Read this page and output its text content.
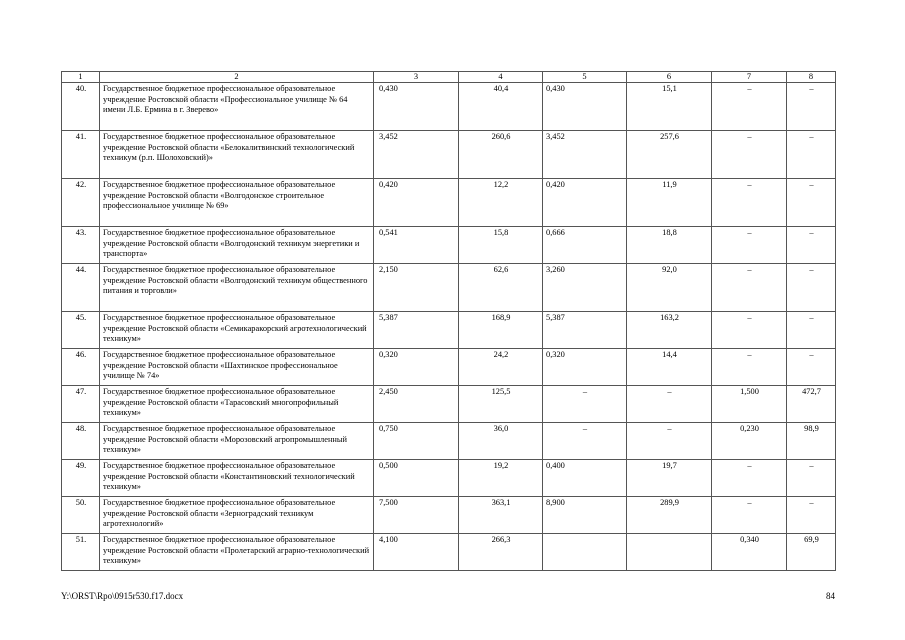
1	2	3	4	5	6	7	8
40.	Государственное бюджетное профессиональное образовательное учреждение Ростовской области «Профессиональное училище № 64 имени Л.Б. Ермина в г. Зверево»	0,430	40,4	0,430	15,1	–	–
41.	Государственное бюджетное профессиональное образовательное учреждение Ростовской области «Белокалитвинский технологический техникум (р.п. Шолоховский)»	3,452	260,6	3,452	257,6	–	–
42.	Государственное бюджетное профессиональное образовательное учреждение Ростовской области «Волгодонское строительное профессиональное училище № 69»	0,420	12,2	0,420	11,9	–	–
43.	Государственное бюджетное профессиональное образовательное учреждение Ростовской области «Волгодонский техникум энергетики и транспорта»	0,541	15,8	0,666	18,8	–	–
44.	Государственное бюджетное профессиональное образовательное учреждение Ростовской области «Волгодонский техникум общественного питания и торговли»	2,150	62,6	3,260	92,0	–	–
45.	Государственное бюджетное профессиональное образовательное учреждение Ростовской области «Семикаракорский агротехнологический техникум»	5,387	168,9	5,387	163,2	–	–
46.	Государственное бюджетное профессиональное образовательное учреждение Ростовской области «Шахтинское профессиональное училище № 74»	0,320	24,2	0,320	14,4	–	–
47.	Государственное бюджетное профессиональное образовательное учреждение Ростовской области «Тарасовский многопрофильный техникум»	2,450	125,5	–	–	1,500	472,7
48.	Государственное бюджетное профессиональное образовательное учреждение Ростовской области «Морозовский агропромышленный техникум»	0,750	36,0	–	–	0,230	98,9
49.	Государственное бюджетное профессиональное образовательное учреждение Ростовской области «Константиновский технологический техникум»	0,500	19,2	0,400	19,7	–	–
50.	Государственное бюджетное профессиональное образовательное учреждение Ростовской области «Зерноградский техникум агротехнологий»	7,500	363,1	8,900	289,9	–	–
51.	Государственное бюджетное профессиональное образовательное учреждение Ростовской области «Пролетарский аграрно-технологический техникум»	4,100	266,3			0,340	69,9
Y:\ORST\Rpo\0915r530.f17.docx	84
